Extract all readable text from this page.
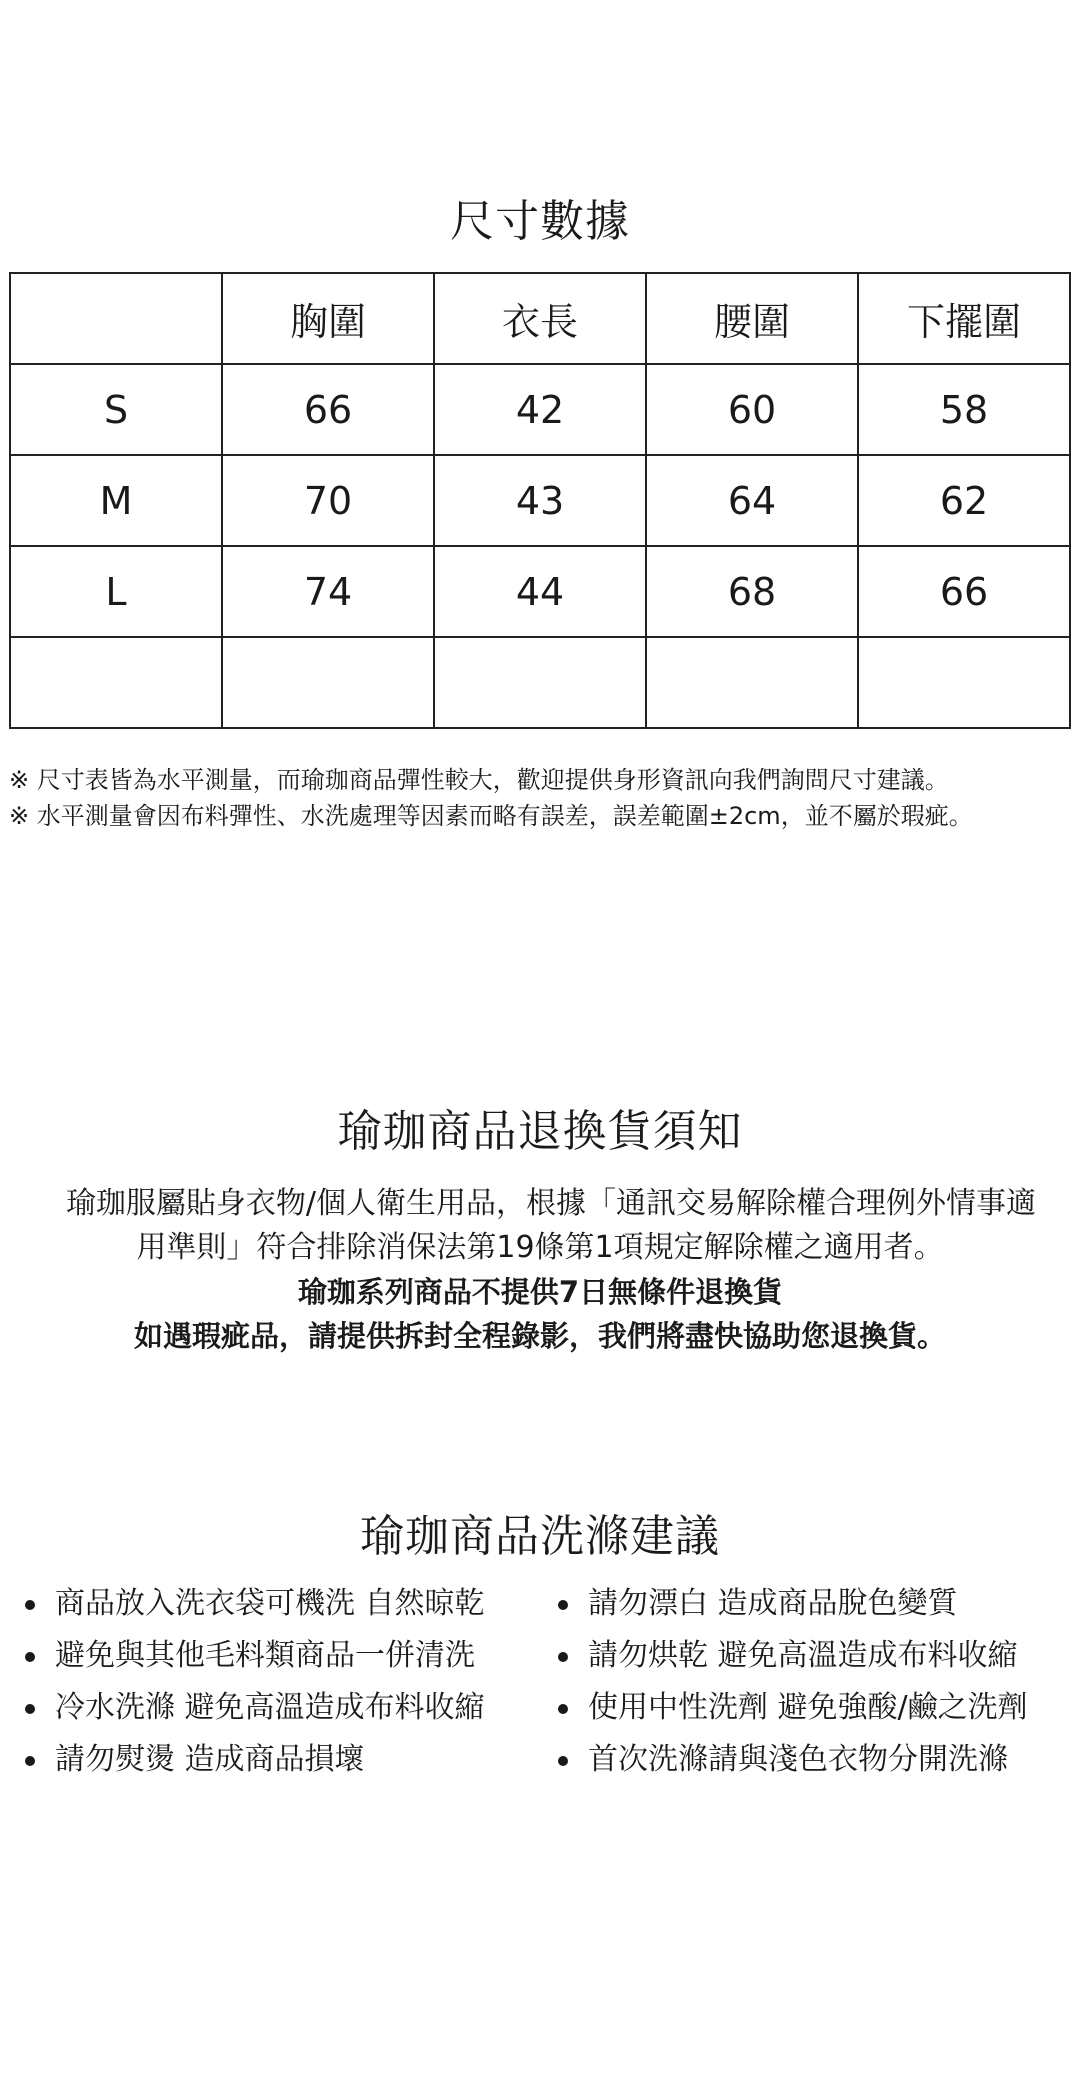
尺寸數據
	胸圍	衣長	腰圍	下擺圍
S	66	42	60	58
M	70	43	64	62
L	74	44	68	66

※ 尺寸表皆為水平測量，而瑜珈商品彈性較大，歡迎提供身形資訊向我們詢問尺寸建議。
※ 水平測量會因布料彈性、水洗處理等因素而略有誤差，誤差範圍±2cm，並不屬於瑕疵。
瑜珈商品退換貨須知
瑜珈服屬貼身衣物/個人衛生用品，根據「通訊交易解除權合理例外情事適
用準則」符合排除消保法第19條第1項規定解除權之適用者。
瑜珈系列商品不提供7日無條件退換貨
如遇瑕疵品，請提供拆封全程錄影，我們將盡快協助您退換貨。
瑜珈商品洗滌建議
商品放入洗衣袋可機洗 自然晾乾
避免與其他毛料類商品一併清洗
冷水洗滌 避免高溫造成布料收縮
請勿熨燙 造成商品損壞
請勿漂白 造成商品脫色變質
請勿烘乾 避免高溫造成布料收縮
使用中性洗劑 避免強酸/鹼之洗劑
首次洗滌請與淺色衣物分開洗滌
